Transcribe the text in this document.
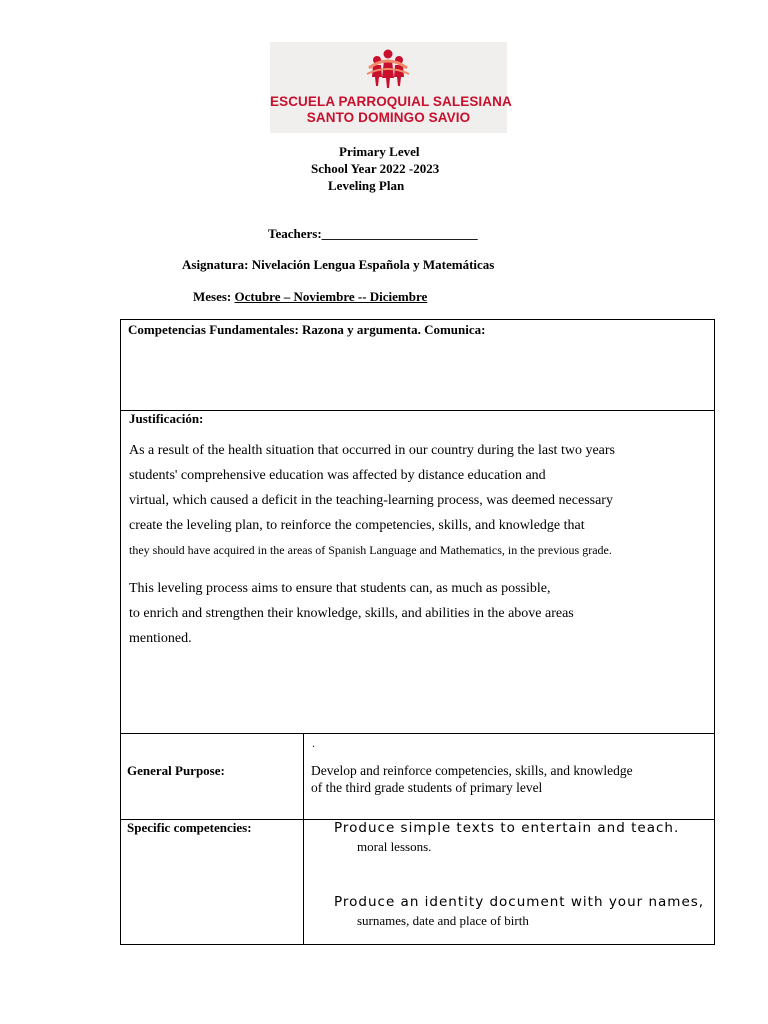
ESCUELA PARROQUIAL SALESIANA
SANTO DOMINGO SAVIO
Primary Level
School Year 2022 -2023
Leveling Plan
Teachers:________________________
Asignatura: Nivelación Lengua Española y Matemáticas
Meses: Octubre – Noviembre -- Diciembre
Competencias Fundamentales: Razona y argumenta. Comunica:
Justificación:
As a result of the health situation that occurred in our country during the last two years
students' comprehensive education was affected by distance education and
virtual, which caused a deficit in the teaching-learning process, was deemed necessary
create the leveling plan, to reinforce the competencies, skills, and knowledge that
they should have acquired in the areas of Spanish Language and Mathematics, in the previous grade.
This leveling process aims to ensure that students can, as much as possible,
to enrich and strengthen their knowledge, skills, and abilities in the above areas
mentioned.
General Purpose:
.
Develop and reinforce competencies, skills, and knowledge
of the third grade students of primary level
Specific competencies:	Produce simple texts to entertain and teach.
moral lessons.
Produce an identity document with your names,
surnames, date and place of birth
